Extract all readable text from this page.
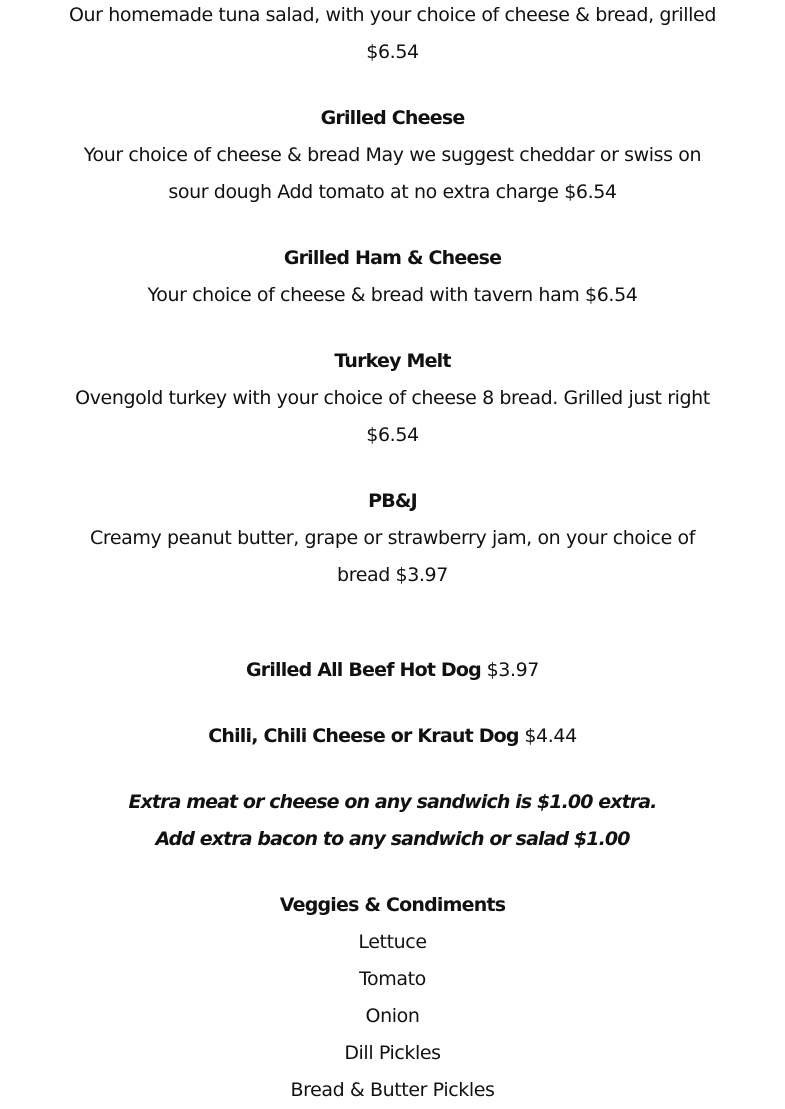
Our homemade tuna salad, with your choice of cheese & bread, grilled
$6.54
Grilled Cheese
Your choice of cheese & bread May we suggest cheddar or swiss on
sour dough Add tomato at no extra charge $6.54
Grilled Ham & Cheese
Your choice of cheese & bread with tavern ham $6.54
Turkey Melt
Ovengold turkey with your choice of cheese 8 bread. Grilled just right
$6.54
PB&J
Creamy peanut butter, grape or strawberry jam, on your choice of
bread $3.97
Grilled All Beef Hot Dog $3.97
Chili, Chili Cheese or Kraut Dog $4.44
Extra meat or cheese on any sandwich is $1.00 extra.
Add extra bacon to any sandwich or salad $1.00
Veggies & Condiments
Lettuce
Tomato
Onion
Dill Pickles
Bread & Butter Pickles
